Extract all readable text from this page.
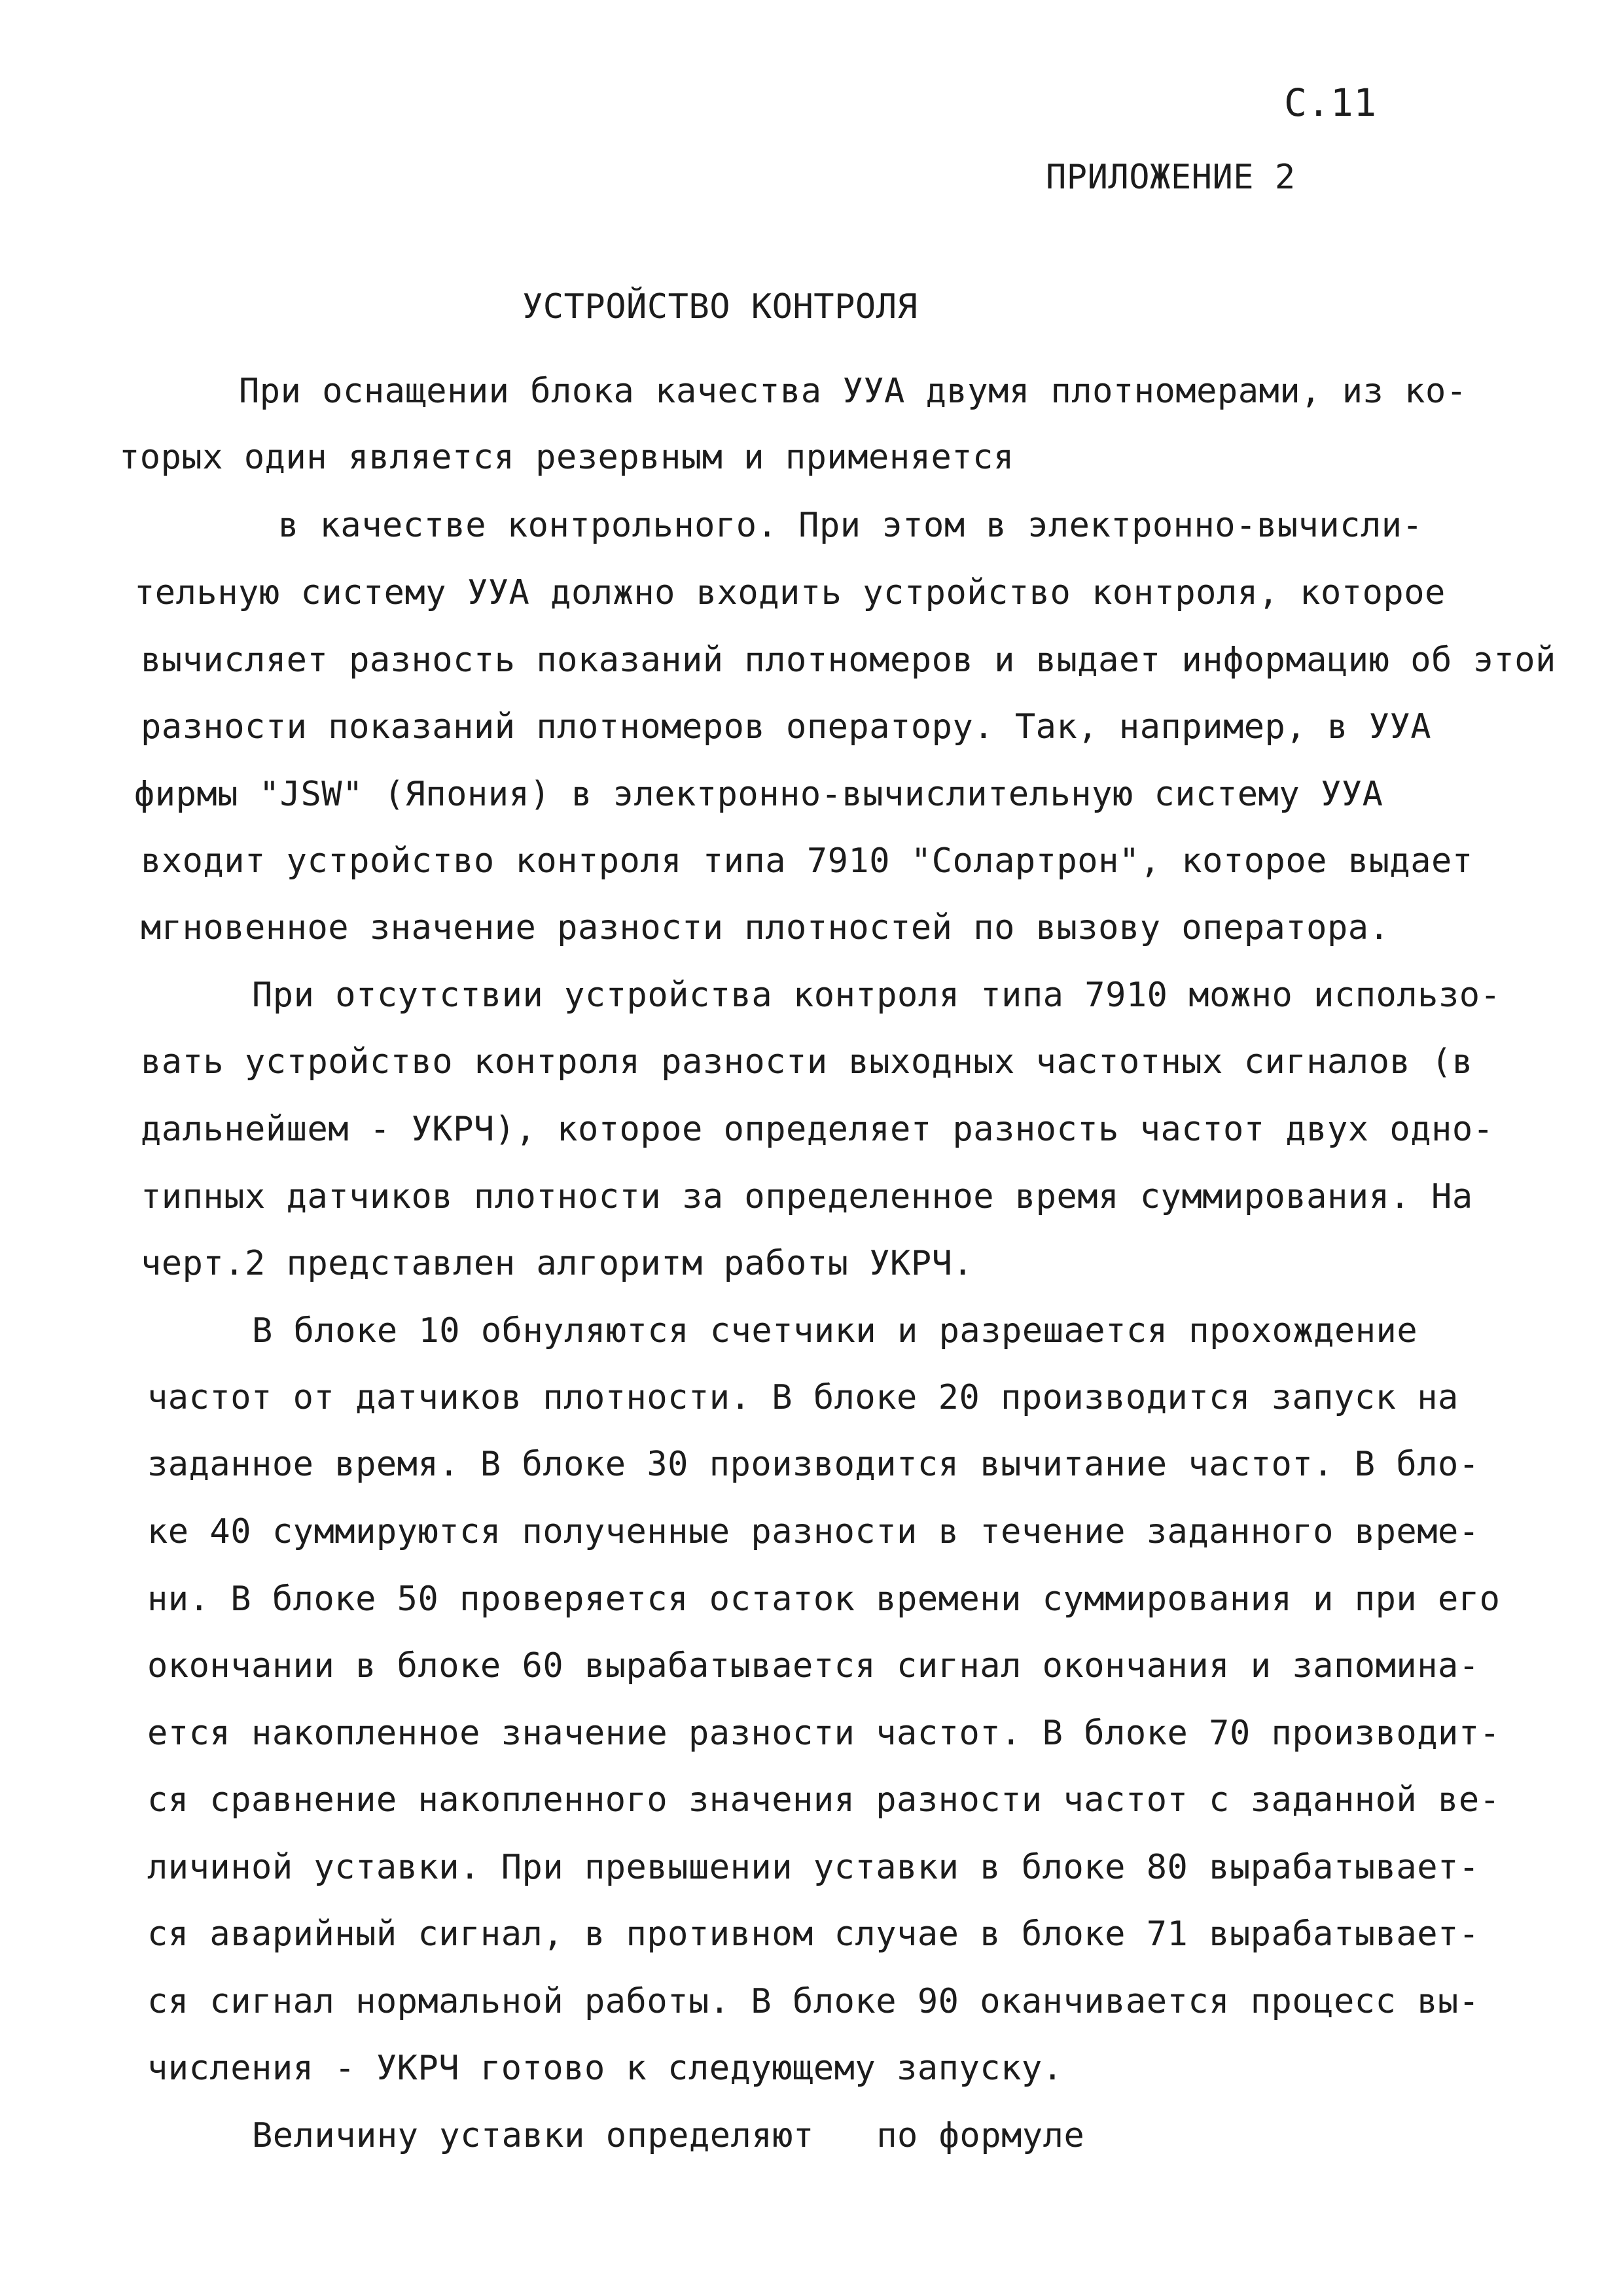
С.11
ПРИЛОЖЕНИЕ 2
УСТРОЙСТВО КОНТРОЛЯ
При оснащении блока качества УУА двумя плотномерами, из ко-
торых один является резервным и применяется
в качестве контрольного. При этом в электронно-вычисли-
тельную систему УУА должно входить устройство контроля, которое
вычисляет разность показаний плотномеров и выдает информацию об этой
разности показаний плотномеров оператору. Так, например, в УУА
фирмы "JSW" (Япония) в электронно-вычислительную систему УУА
входит устройство контроля типа 7910 "Солартрон", которое выдает
мгновенное значение разности плотностей по вызову оператора.
При отсутствии устройства контроля типа 7910 можно использо-
вать устройство контроля разности выходных частотных сигналов (в
дальнейшем - УКРЧ), которое определяет разность частот двух одно-
типных датчиков плотности за определенное время суммирования. На
черт.2 представлен алгоритм работы УКРЧ.
В блоке 10 обнуляются счетчики и разрешается прохождение
частот от датчиков плотности. В блоке 20 производится запуск на
заданное время. В блоке 30 производится вычитание частот. В бло-
ке 40 суммируются полученные разности в течение заданного време-
ни. В блоке 50 проверяется остаток времени суммирования и при его
окончании в блоке 60 вырабатывается сигнал окончания и запомина-
ется накопленное значение разности частот. В блоке 70 производит-
ся сравнение накопленного значения разности частот с заданной ве-
личиной уставки. При превышении уставки в блоке 80 вырабатывает-
ся аварийный сигнал, в противном случае в блоке 71 вырабатывает-
ся сигнал нормальной работы. В блоке 90 оканчивается процесс вы-
числения - УКРЧ готово к следующему запуску.
Величину уставки определяют   по формуле
